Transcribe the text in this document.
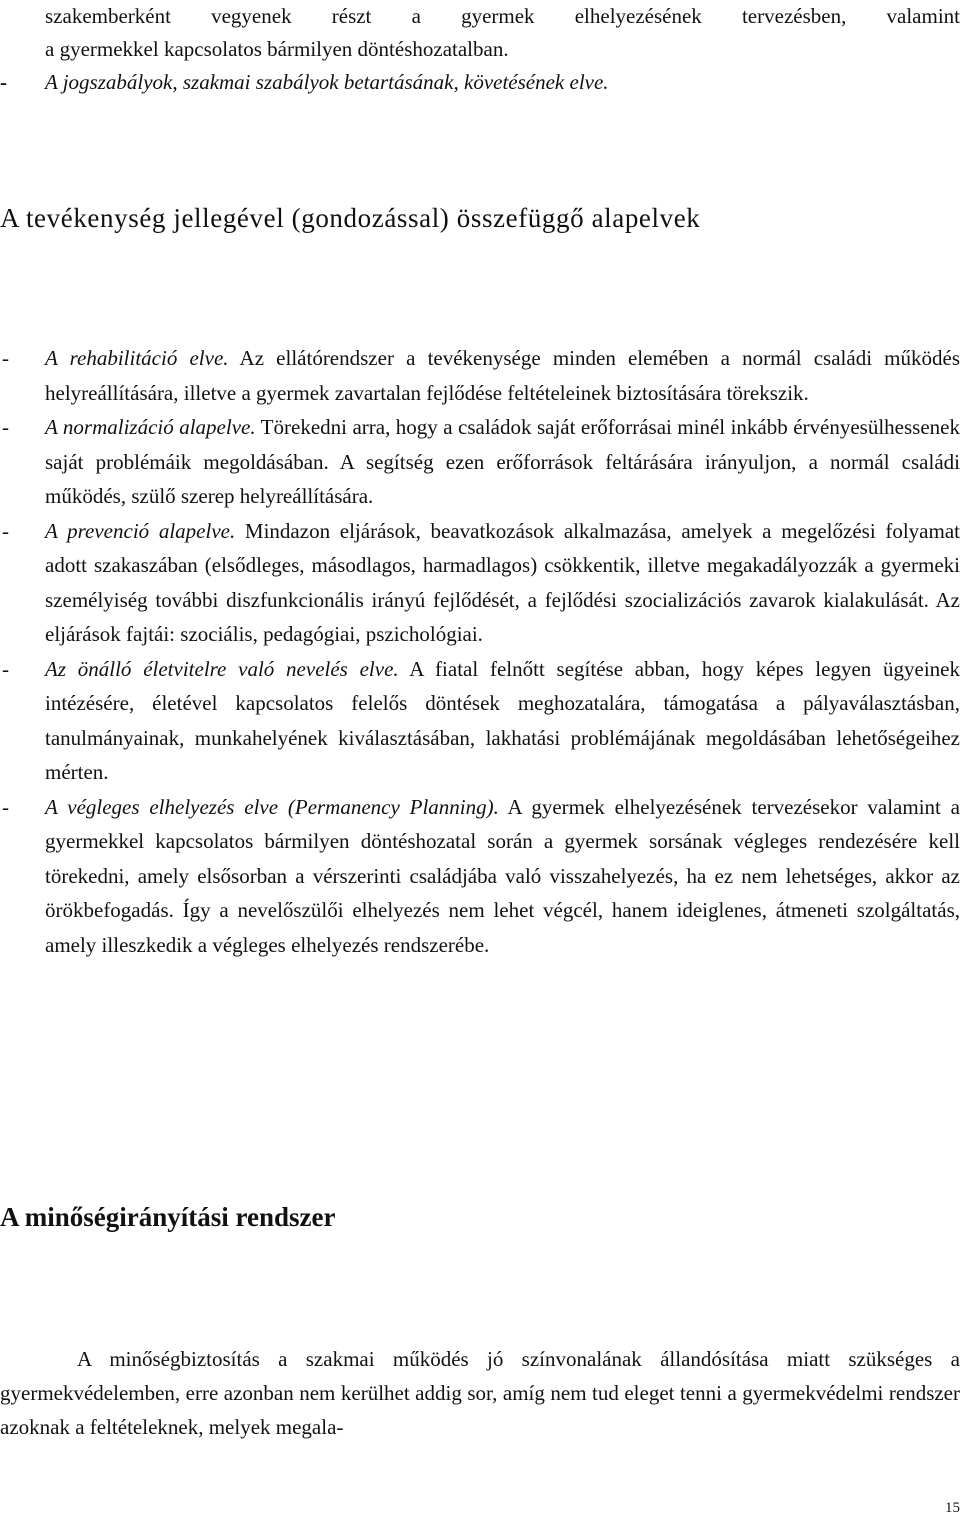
szakemberként vegyenek részt a gyermek elhelyezésének tervezésben, valamint

a gyermekkel kapcsolatos bármilyen döntéshozatalban.

- A jogszabályok, szakmai szabályok betartásának, követésének elve.
A tevékenység jellegével (gondozással) összefüggő alapelvek
- A rehabilitáció elve. Az ellátórendszer a tevékenysége minden elemében a normál családi működés helyreállítására, illetve a gyermek zavartalan fejlődése feltételeinek biztosítására törekszik.
- A normalizáció alapelve. Törekedni arra, hogy a családok saját erőforrásai minél inkább érvényesülhessenek saját problémáik megoldásában. A segítség ezen erőforrások feltárására irányuljon, a normál családi működés, szülő szerep helyreállítására.
- A prevenció alapelve. Mindazon eljárások, beavatkozások alkalmazása, amelyek a megelőzési folyamat adott szakaszában (elsődleges, másodlagos, harmadlagos) csökkentik, illetve megakadályozzák a gyermeki személyiség további diszfunkcionális irányú fejlődését, a fejlődési szocializációs zavarok kialakulását. Az eljárások fajtái: szociális, pedagógiai, pszichológiai.
- Az önálló életvitelre való nevelés elve. A fiatal felnőtt segítése abban, hogy képes legyen ügyeinek intézésére, életével kapcsolatos felelős döntések meghozatalára, támogatása a pályaválasztásban, tanulmányainak, munkahelyének kiválasztásában, lakhatási problémájának megoldásában lehetőségeihez mérten.
- A végleges elhelyezés elve (Permanency Planning). A gyermek elhelyezésének tervezésekor valamint a gyermekkel kapcsolatos bármilyen döntéshozatal során a gyermek sorsának végleges rendezésére kell törekedni, amely elsősorban a vérszerinti családjába való visszahelyezés, ha ez nem lehetséges, akkor az örökbefogadás. Így a nevelőszülői elhelyezés nem lehet végcél, hanem ideiglenes, átmeneti szolgáltatás, amely illeszkedik a végleges elhelyezés rendszerébe.
A minőségirányítási rendszer

A minőségbiztosítás a szakmai működés jó színvonalának állandósítása miatt szükséges a gyermekvédelemben, erre azonban nem kerülhet addig sor, amíg nem tud eleget tenni a gyermekvédelmi rendszer azoknak a feltételeknek, melyek megala-

15
